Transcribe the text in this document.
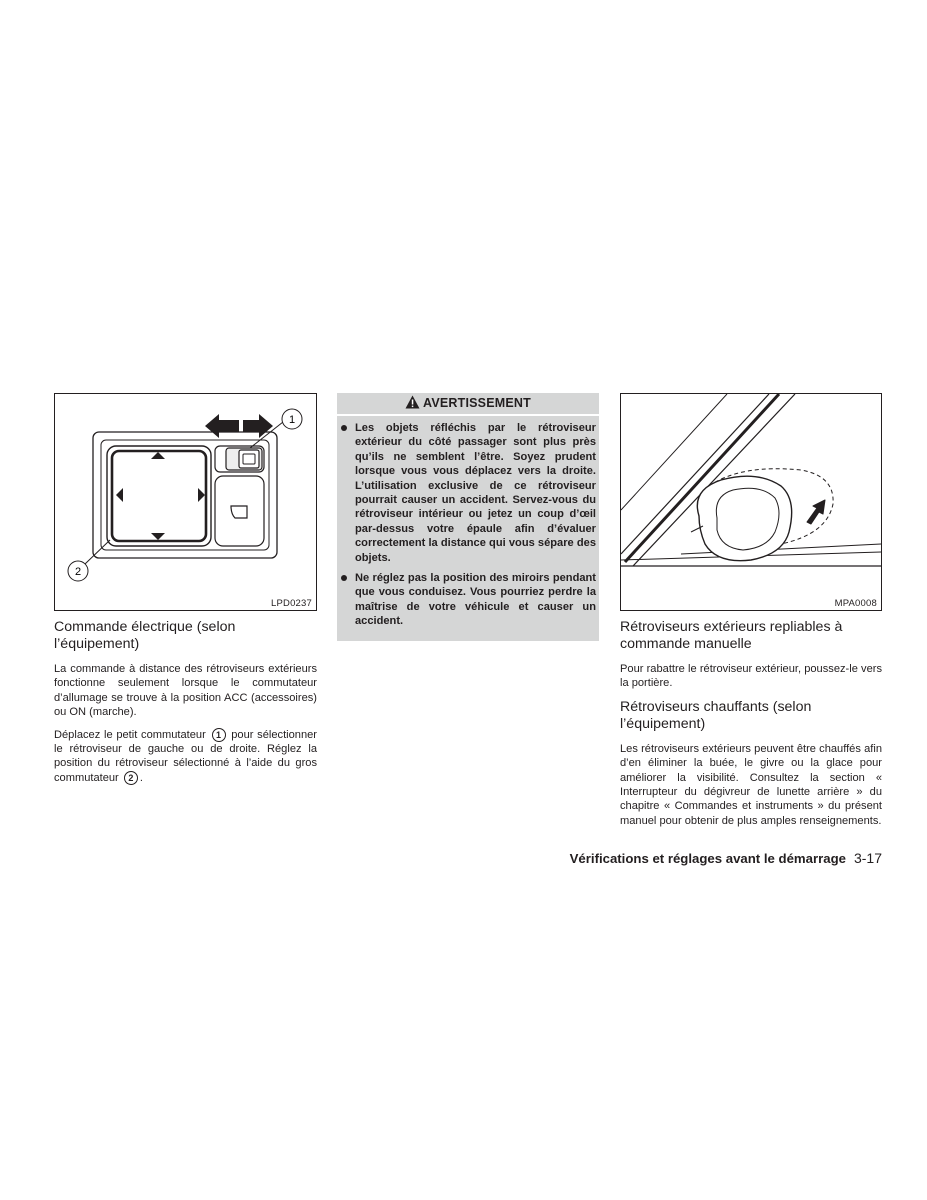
1
2
LPD0237
Commande électrique (selon l’équipement)

La commande à distance des rétroviseurs extérieurs fonctionne seulement lorsque le commutateur d’allumage se trouve à la position ACC (accessoires) ou ON (marche).

Déplacez le petit commutateur 1 pour sélectionner le rétroviseur de gauche ou de droite. Réglez la position du rétroviseur sélectionné à l’aide du gros commutateur 2 .

AVERTISSEMENT
Les objets réfléchis par le rétroviseur extérieur du côté passager sont plus près qu’ils ne semblent l’être. Soyez prudent lorsque vous vous déplacez vers la droite. L’utilisation exclusive de ce rétroviseur pourrait causer un accident. Servez-vous du rétroviseur intérieur ou jetez un coup d’œil par-dessus votre épaule afin d’évaluer correctement la distance qui vous sépare des objets.
Ne réglez pas la position des miroirs pendant que vous conduisez. Vous pourriez perdre la maîtrise de votre véhicule et causer un accident.
MPA0008
Rétroviseurs extérieurs repliables à commande manuelle

Pour rabattre le rétroviseur extérieur, poussez-le vers la portière.

Rétroviseurs chauffants (selon l’équipement)

Les rétroviseurs extérieurs peuvent être chauffés afin d’en éliminer la buée, le givre ou la glace pour améliorer la visibilité. Consultez la section « Interrupteur du dégivreur de lunette arrière » du chapitre « Commandes et instruments » du présent manuel pour obtenir de plus amples renseignements.

Vérifications et réglages avant le démarrage 3-17
